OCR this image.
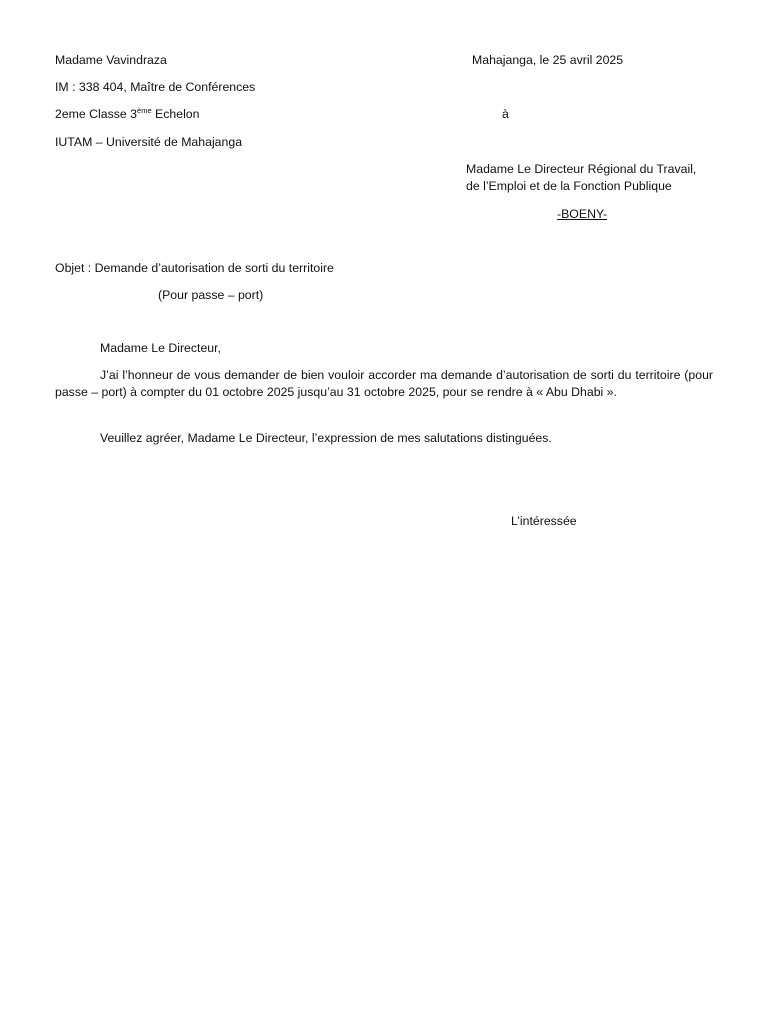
Madame Vavindraza	Mahajanga, le 25 avril 2025
IM : 338 404, Maître de Conférences
2eme Classe 3ème Echelon	à
IUTAM – Université de Mahajanga
Madame Le Directeur Régional du Travail,
de l’Emploi et de la Fonction Publique
-BOENY-
Objet : Demande d’autorisation de sorti du territoire
(Pour passe – port)
Madame Le Directeur,
J’ai l’honneur de vous demander de bien vouloir accorder ma demande d’autorisation de sorti du territoire (pour passe – port) à compter du 01 octobre 2025 jusqu’au 31 octobre 2025, pour se rendre à « Abu Dhabi ».
Veuillez agréer, Madame Le Directeur, l’expression de mes salutations distinguées.
L’intéressée
